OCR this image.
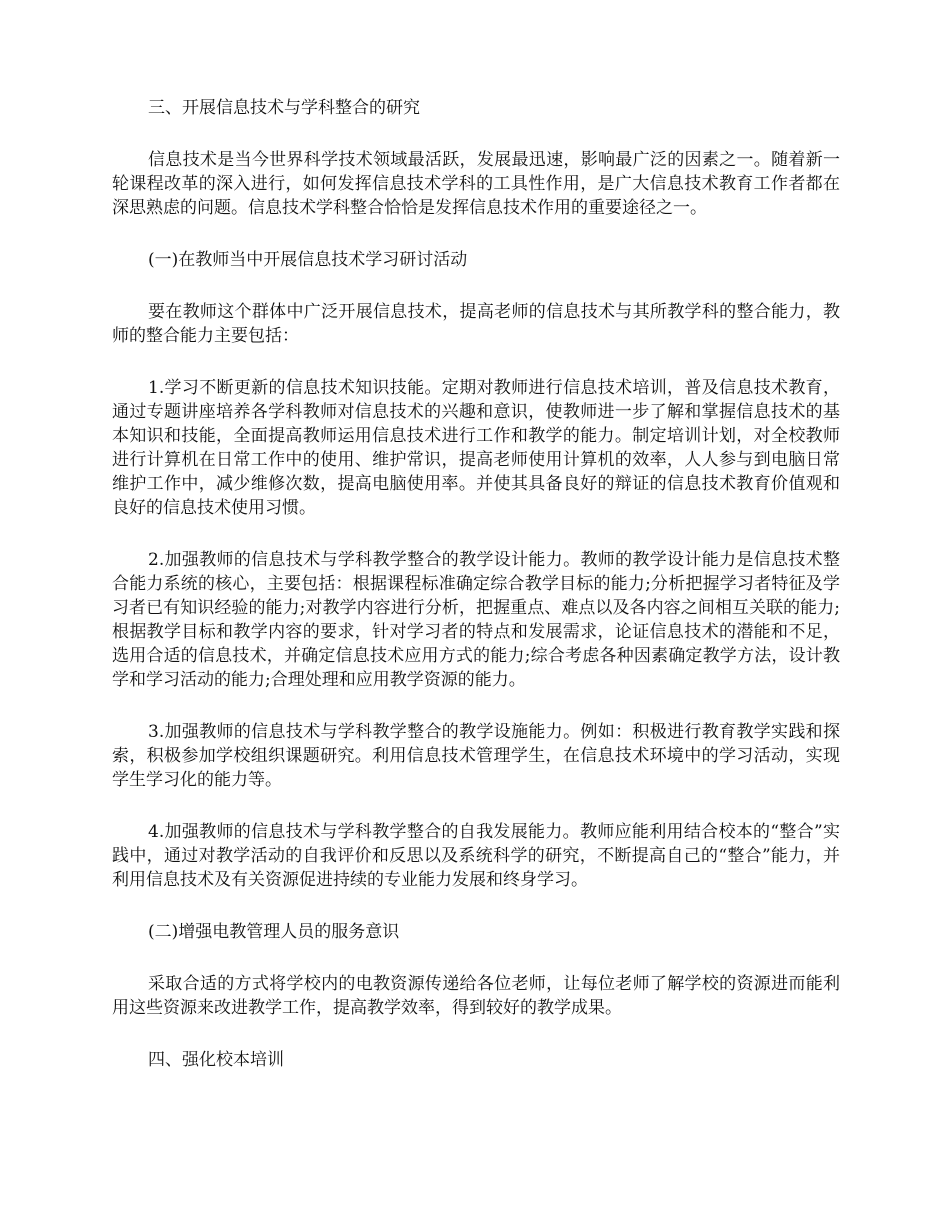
三、开展信息技术与学科整合的研究

信息技术是当今世界科学技术领域最活跃，发展最迅速，影响最广泛的因素之一。随着新一轮课程改革的深入进行，如何发挥信息技术学科的工具性作用，是广大信息技术教育工作者都在深思熟虑的问题。信息技术学科整合恰恰是发挥信息技术作用的重要途径之一。

(一)在教师当中开展信息技术学习研讨活动

要在教师这个群体中广泛开展信息技术，提高老师的信息技术与其所教学科的整合能力，教师的整合能力主要包括：

1.学习不断更新的信息技术知识技能。定期对教师进行信息技术培训，普及信息技术教育，通过专题讲座培养各学科教师对信息技术的兴趣和意识，使教师进一步了解和掌握信息技术的基本知识和技能，全面提高教师运用信息技术进行工作和教学的能力。制定培训计划，对全校教师进行计算机在日常工作中的使用、维护常识，提高老师使用计算机的效率，人人参与到电脑日常维护工作中，减少维修次数，提高电脑使用率。并使其具备良好的辩证的信息技术教育价值观和良好的信息技术使用习惯。

2.加强教师的信息技术与学科教学整合的教学设计能力。教师的教学设计能力是信息技术整合能力系统的核心，主要包括：根据课程标准确定综合教学目标的能力;分析把握学习者特征及学习者已有知识经验的能力;对教学内容进行分析，把握重点、难点以及各内容之间相互关联的能力;根据教学目标和教学内容的要求，针对学习者的特点和发展需求，论证信息技术的潜能和不足，选用合适的信息技术，并确定信息技术应用方式的能力;综合考虑各种因素确定教学方法，设计教学和学习活动的能力;合理处理和应用教学资源的能力。

3.加强教师的信息技术与学科教学整合的教学设施能力。例如：积极进行教育教学实践和探索，积极参加学校组织课题研究。利用信息技术管理学生，在信息技术环境中的学习活动，实现学生学习化的能力等。

4.加强教师的信息技术与学科教学整合的自我发展能力。教师应能利用结合校本的“整合”实践中，通过对教学活动的自我评价和反思以及系统科学的研究，不断提高自己的“整合”能力，并利用信息技术及有关资源促进持续的专业能力发展和终身学习。

(二)增强电教管理人员的服务意识

采取合适的方式将学校内的电教资源传递给各位老师，让每位老师了解学校的资源进而能利用这些资源来改进教学工作，提高教学效率，得到较好的教学成果。

四、强化校本培训
